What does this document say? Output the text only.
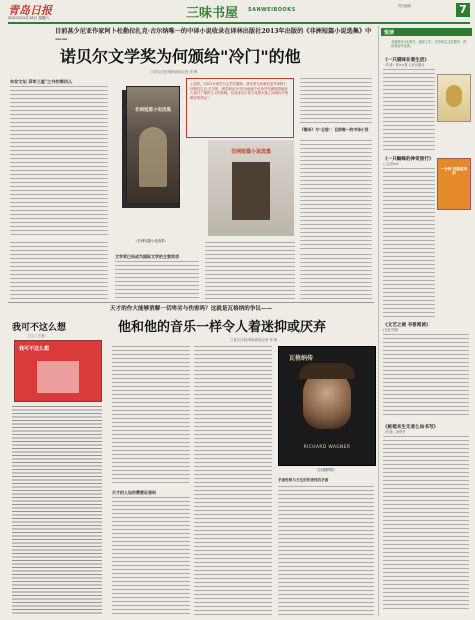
青岛日报
2021年12月18日 星期六
7
三味书屋 SANWEIBOOKS
责任编辑
目前甚少尼亚作家阿卜杜勒拉扎克·古尔纳唯一的中译小说收录在译林出版社2013年出版的《非洲短篇小说选集》中——
诺贝尔文学奖为何颁给"冷门"的他
□青岛日报/观海新闻记者 李 锋
东非文坛 异军三星"之外的第四人
非洲短篇小说选集
《非洲短篇小说选集》
上周四，2021年诺贝尔文学奖揭晓，获奖者为坦桑尼亚作家阿卜杜勒拉扎克·古尔纳，颁奖理由为"因为他毫不妥协并充满同情地深入探讨了殖民主义的影响，以及身处不同文化和大陆之间鸿沟中的难民的命运"。
非洲短篇小说选集
《潮州》与"北地"：目前唯一的中译小说
文学奖已经成为国际文学的主要奖项
悦读
本期推荐3本图书，涵盖文学、历史和生活类题材，供读者参考选读。
《一只猫咪在看生活》
（作者）张××著 人民出版社
《一只蜘蛛的神奇旅行》
□文/刘××
一分钟 你就能用的
《文艺之城 书香阅读》
(文化中国)
《桩柢未生无者么如书写》
（作者）汤亭亭
天才的作大能够消解一切卑劣与伤害吗？这就是瓦格纳的争议——
他和他的音乐一样令人着迷抑或厌弃
□青岛日报/观海新闻记者 李 锋
我可不这么想
□文 / 王海
我可不这么想
天才的人设的需要证我吗
瓦格纳传
RICHARD WAGNER
《瓦格纳传》
矛盾性格与天生的伤害性的矛盾
